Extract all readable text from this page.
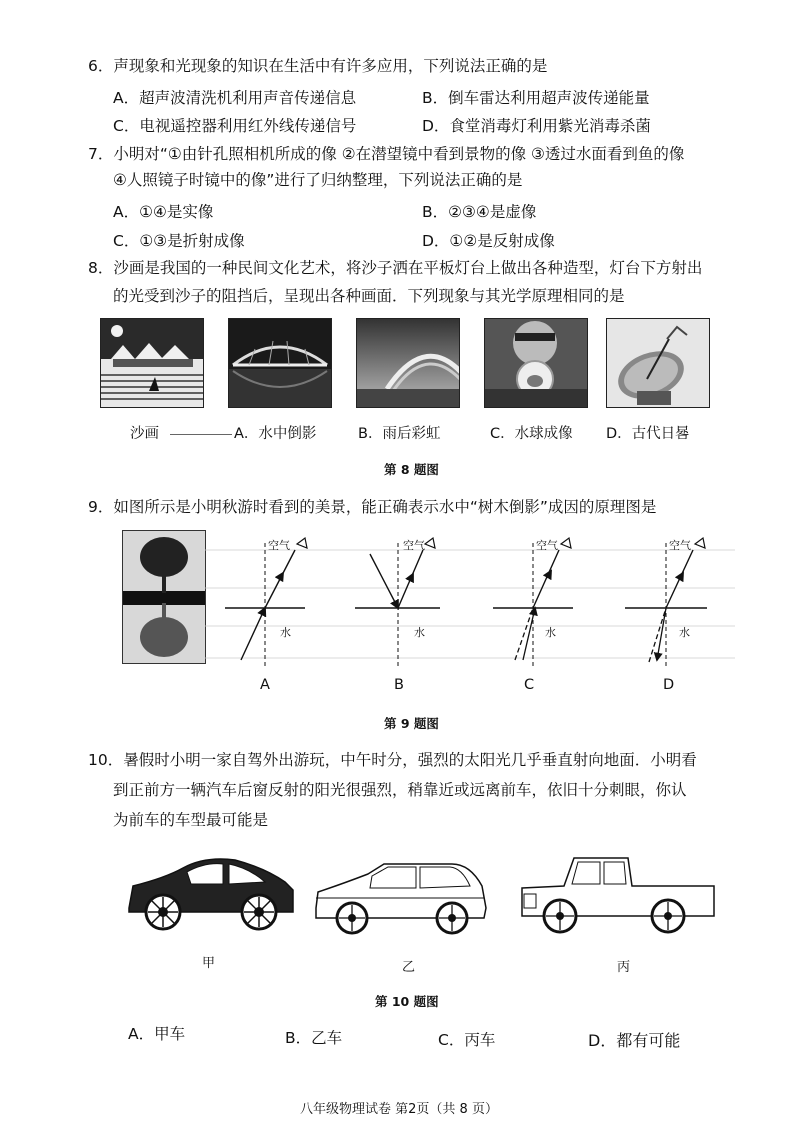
6．声现象和光现象的知识在生活中有许多应用，下列说法正确的是
A．超声波清洗机利用声音传递信息	B．倒车雷达利用超声波传递能量
C．电视遥控器利用红外线传递信号	D．食堂消毒灯利用紫光消毒杀菌
7．小明对“①由针孔照相机所成的像 ②在潜望镜中看到景物的像 ③透过水面看到鱼的像
④人照镜子时镜中的像”进行了归纳整理，下列说法正确的是
A．①④是实像	B．②③④是虚像
C．①③是折射成像	D．①②是反射成像
8．沙画是我国的一种民间文化艺术，将沙子洒在平板灯台上做出各种造型，灯台下方射出
的光受到沙子的阻挡后，呈现出各种画面．下列现象与其光学原理相同的是
沙画	A．水中倒影	B．雨后彩虹	C．水球成像 D．古代日晷
第 8 题图
9．如图所示是小明秋游时看到的美景，能正确表示水中“树木倒影”成因的原理图是
空气
水
空气
水
空气
水
空气
水
A	B	C	D
第 9 题图
10．暑假时小明一家自驾外出游玩，中午时分，强烈的太阳光几乎垂直射向地面．小明看
到正前方一辆汽车后窗反射的阳光很强烈，稍靠近或远离前车，依旧十分刺眼，你认
为前车的车型最可能是
甲	乙	丙
第 10 题图
A．甲车	B．乙车	C．丙车	D．都有可能
八年级物理试卷 第2页（共 8 页）
